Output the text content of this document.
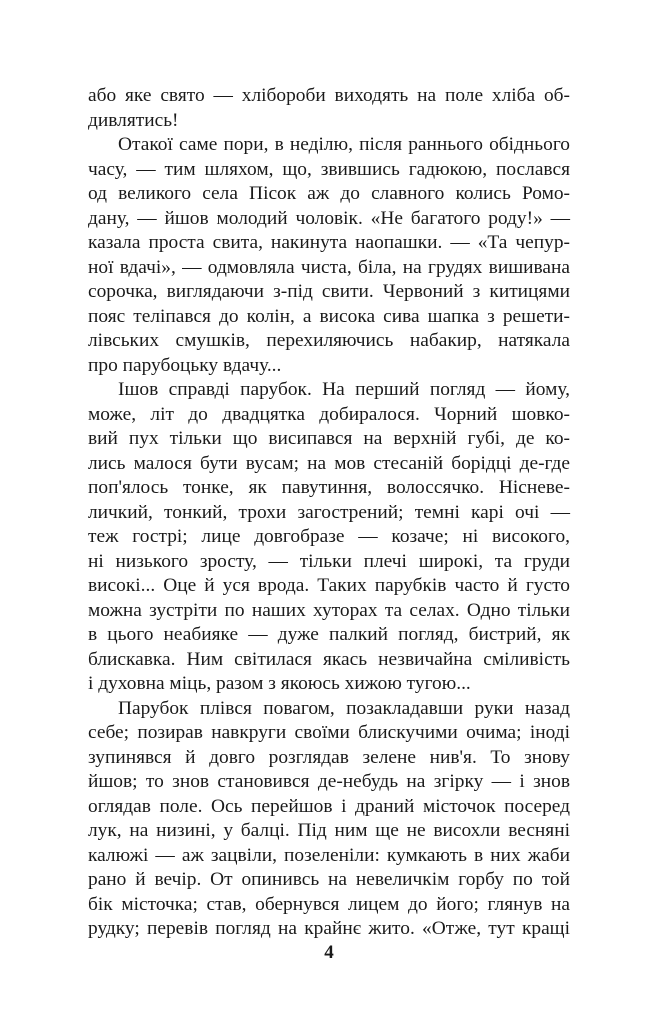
або яке свято — хлібороби виходять на поле хліба об-
дивлятись!
Отакої саме пори, в неділю, після раннього обіднього
часу, — тим шляхом, що, звившись гадюкою, послався
од великого села Пісок аж до славного колись Ромо-
дану, — йшов молодий чоловік. «Не багатого роду!» —
казала проста свита, накинута наопашки. — «Та чепур-
ної вдачі», — одмовляла чиста, біла, на грудях вишивана
сорочка, виглядаючи з-під свити. Червоний з китицями
пояс теліпався до колін, а висока сива шапка з решети-
лівських смушків, перехиляючись набакир, натякала
про парубоцьку вдачу...
Ішов справді парубок. На перший погляд — йому,
може, літ до двадцятка добиралося. Чорний шовко-
вий пух тільки що висипався на верхній губі, де ко-
лись малося бути вусам; на мов стесаній борідці де-где
поп'ялось тонке, як павутиння, волоссячко. Нісневе-
личкий, тонкий, трохи загострений; темні карі очі —
теж гострі; лице довгобразе — козаче; ні високого,
ні низького зросту, — тільки плечі широкі, та груди
високі... Оце й уся врода. Таких парубків часто й густо
можна зустріти по наших хуторах та селах. Одно тільки
в цього неабияке — дуже палкий погляд, бистрий, як
блискавка. Ним світилася якась незвичайна сміливість
і духовна міць, разом з якоюсь хижою тугою...
Парубок плівся повагом, позакладавши руки назад
себе; позирав навкруги своїми блискучими очима; іноді
зупинявся й довго розглядав зелене нив'я. То знову
йшов; то знов становився де-небудь на згірку — і знов
оглядав поле. Ось перейшов і драний місточок посеред
лук, на низині, у балці. Під ним ще не висохли весняні
калюжі — аж зацвіли, позеленіли: кумкають в них жаби
рано й вечір. От опинивсь на невеличкім горбу по той
бік місточка; став, обернувся лицем до його; глянув на
рудку; перевів погляд на крайнє жито. «Отже, тут кращі
4
